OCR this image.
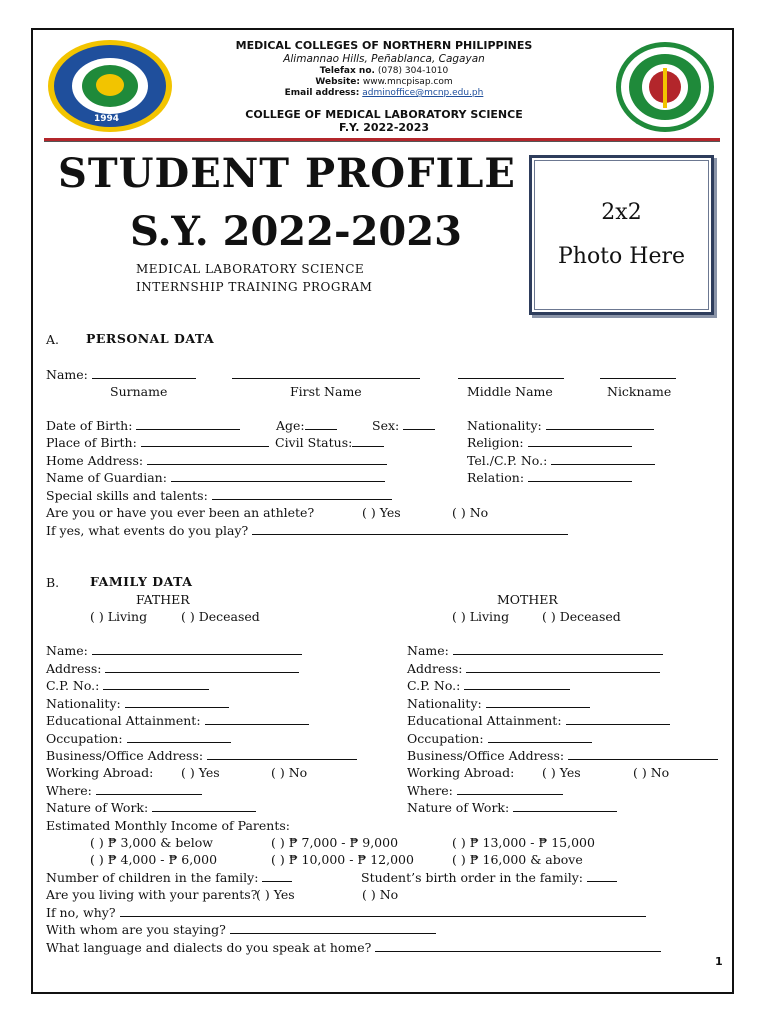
1994
MEDICAL COLLEGES OF NORTHERN PHILIPPINES
Alimannao Hills, Peñablanca, Cagayan
Telefax no. (078) 304-1010
Website: www.mncpisap.com
Email address: adminoffice@mcnp.edu.ph
COLLEGE OF MEDICAL LABORATORY SCIENCE
F.Y. 2022-2023
STUDENT PROFILE
S.Y. 2022-2023
MEDICAL LABORATORY SCIENCE
INTERNSHIP TRAINING PROGRAM
2x2
Photo Here
A. PERSONAL DATA
Name:
Surname	First Name	Middle Name	Nickname
Date of Birth:	Age:	Sex:	Nationality:
Place of Birth:	Civil Status:	Religion:
Home Address:	Tel./C.P. No.:
Name of Guardian:	Relation:
Special skills and talents:
Are you or have you ever been an athlete?	( ) Yes	( ) No
If yes, what events do you play?
B. FAMILY DATA
FATHER	MOTHER
( ) Living	( ) Deceased	( ) Living	( ) Deceased
Name:
Address:
C.P. No.:
Nationality:
Educational Attainment:
Occupation:
Business/Office Address:
Working Abroad: ( ) Yes	( ) No
Where:
Nature of Work:
Name:
Address:
C.P. No.:
Nationality:
Educational Attainment:
Occupation:
Business/Office Address:
Working Abroad: ( ) Yes	( ) No
Where:
Nature of Work:
Estimated Monthly Income of Parents:
( ) ₱ 3,000 & below	( ) ₱ 7,000 - ₱ 9,000	( ) ₱ 13,000 - ₱ 15,000
( ) ₱ 4,000 - ₱ 6,000	( ) ₱ 10,000 - ₱ 12,000	( ) ₱ 16,000 & above
Number of children in the family:	Student’s birth order in the family:
Are you living with your parents?
( ) Yes	( ) No
If no, why?
With whom are you staying?
What language and dialects do you speak at home?
1
